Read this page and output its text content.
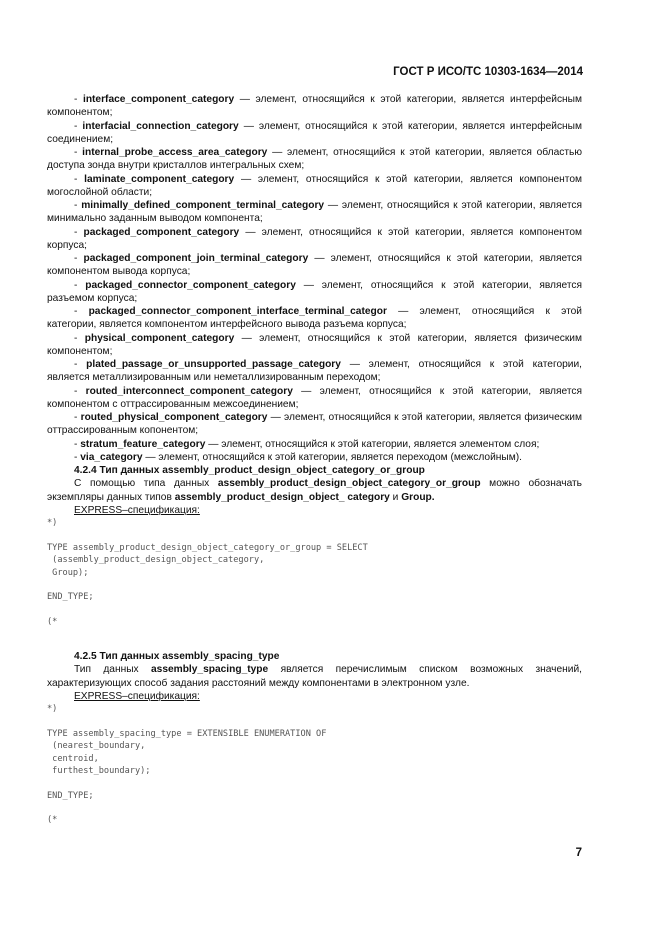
ГОСТ Р ИСО/ТС 10303-1634—2014

- interface_component_category — элемент, относящийся к этой категории, является интерфейсным компонентом;

- interfacial_connection_category — элемент, относящийся к этой категории, является интерфейсным соединением;

- internal_probe_access_area_category — элемент, относящийся к этой категории, является областью доступа зонда внутри кристаллов интегральных схем;

- laminate_component_category — элемент, относящийся к этой категории, является компонентом могослойной области;

- minimally_defined_component_terminal_category — элемент, относящийся к этой категории, является минимально заданным выводом компонента;

- packaged_component_category — элемент, относящийся к этой категории, является компонентом корпуса;

- packaged_component_join_terminal_category — элемент, относящийся к этой категории, является компонентом вывода корпуса;

- packaged_connector_component_category — элемент, относящийся к этой категории, является разъемом корпуса;

- packaged_connector_component_interface_terminal_categor — элемент, относящийся к этой категории, является компонентом интерфейсного вывода разъема корпуса;

- physical_component_category — элемент, относящийся к этой категории, является физическим компонентом;

- plated_passage_or_unsupported_passage_category — элемент, относящийся к этой категории, является металлизированным или неметаллизированным переходом;

- routed_interconnect_component_category — элемент, относящийся к этой категории, является компонентом с оттрассированным межсоединением;

- routed_physical_component_category — элемент, относящийся к этой категории, является физическим оттрассированным копонентом;

- stratum_feature_category — элемент, относящийся к этой категории, является элементом слоя;

- via_category — элемент, относящийся к этой категории, является переходом (межслойным).

4.2.4 Тип данных assembly_product_design_object_category_or_group

С помощью типа данных assembly_product_design_object_category_or_group можно обозначать экземпляры данных типов assembly_product_design_object_ category и Group.

EXPRESS–спецификация:

*)

TYPE assembly_product_design_object_category_or_group = SELECT
(assembly_product_design_object_category,
Group);

END_TYPE;

(*

4.2.5 Тип данных assembly_spacing_type

Тип данных assembly_spacing_type является перечислимым списком возможных значений, характеризующих способ задания расстояний между компонентами в электронном узле.

EXPRESS–спецификация:

*)

TYPE assembly_spacing_type = EXTENSIBLE ENUMERATION OF
(nearest_boundary,
centroid,
furthest_boundary);

END_TYPE;

(*

7
